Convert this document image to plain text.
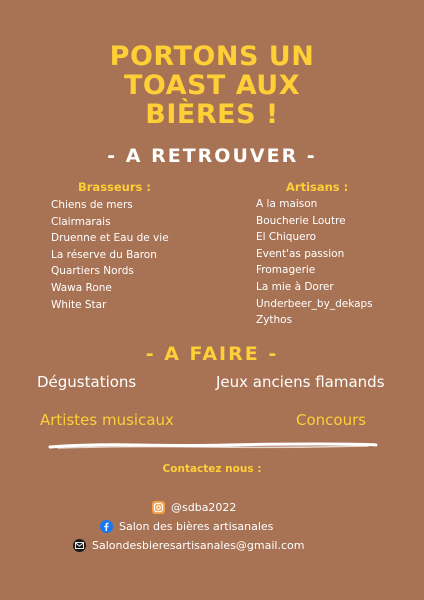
PORTONS UN
TOAST AUX
BIÈRES !
- A RETROUVER -
Brasseurs :
Chiens de mers
Clairmarais
Druenne et Eau de vie
La réserve du Baron
Quartiers Nords
Wawa Rone
White Star
Artisans :
A la maison
Boucherie Loutre
El Chiquero
Event'as passion
Fromagerie
La mie à Dorer
Underbeer_by_dekaps
Zythos
- A FAIRE -
Dégustations	Jeux anciens flamands
Artistes musicaux	Concours
Contactez nous :
@sdba2022
Salon des bières artisanales
Salondesbieresartisanales@gmail.com
